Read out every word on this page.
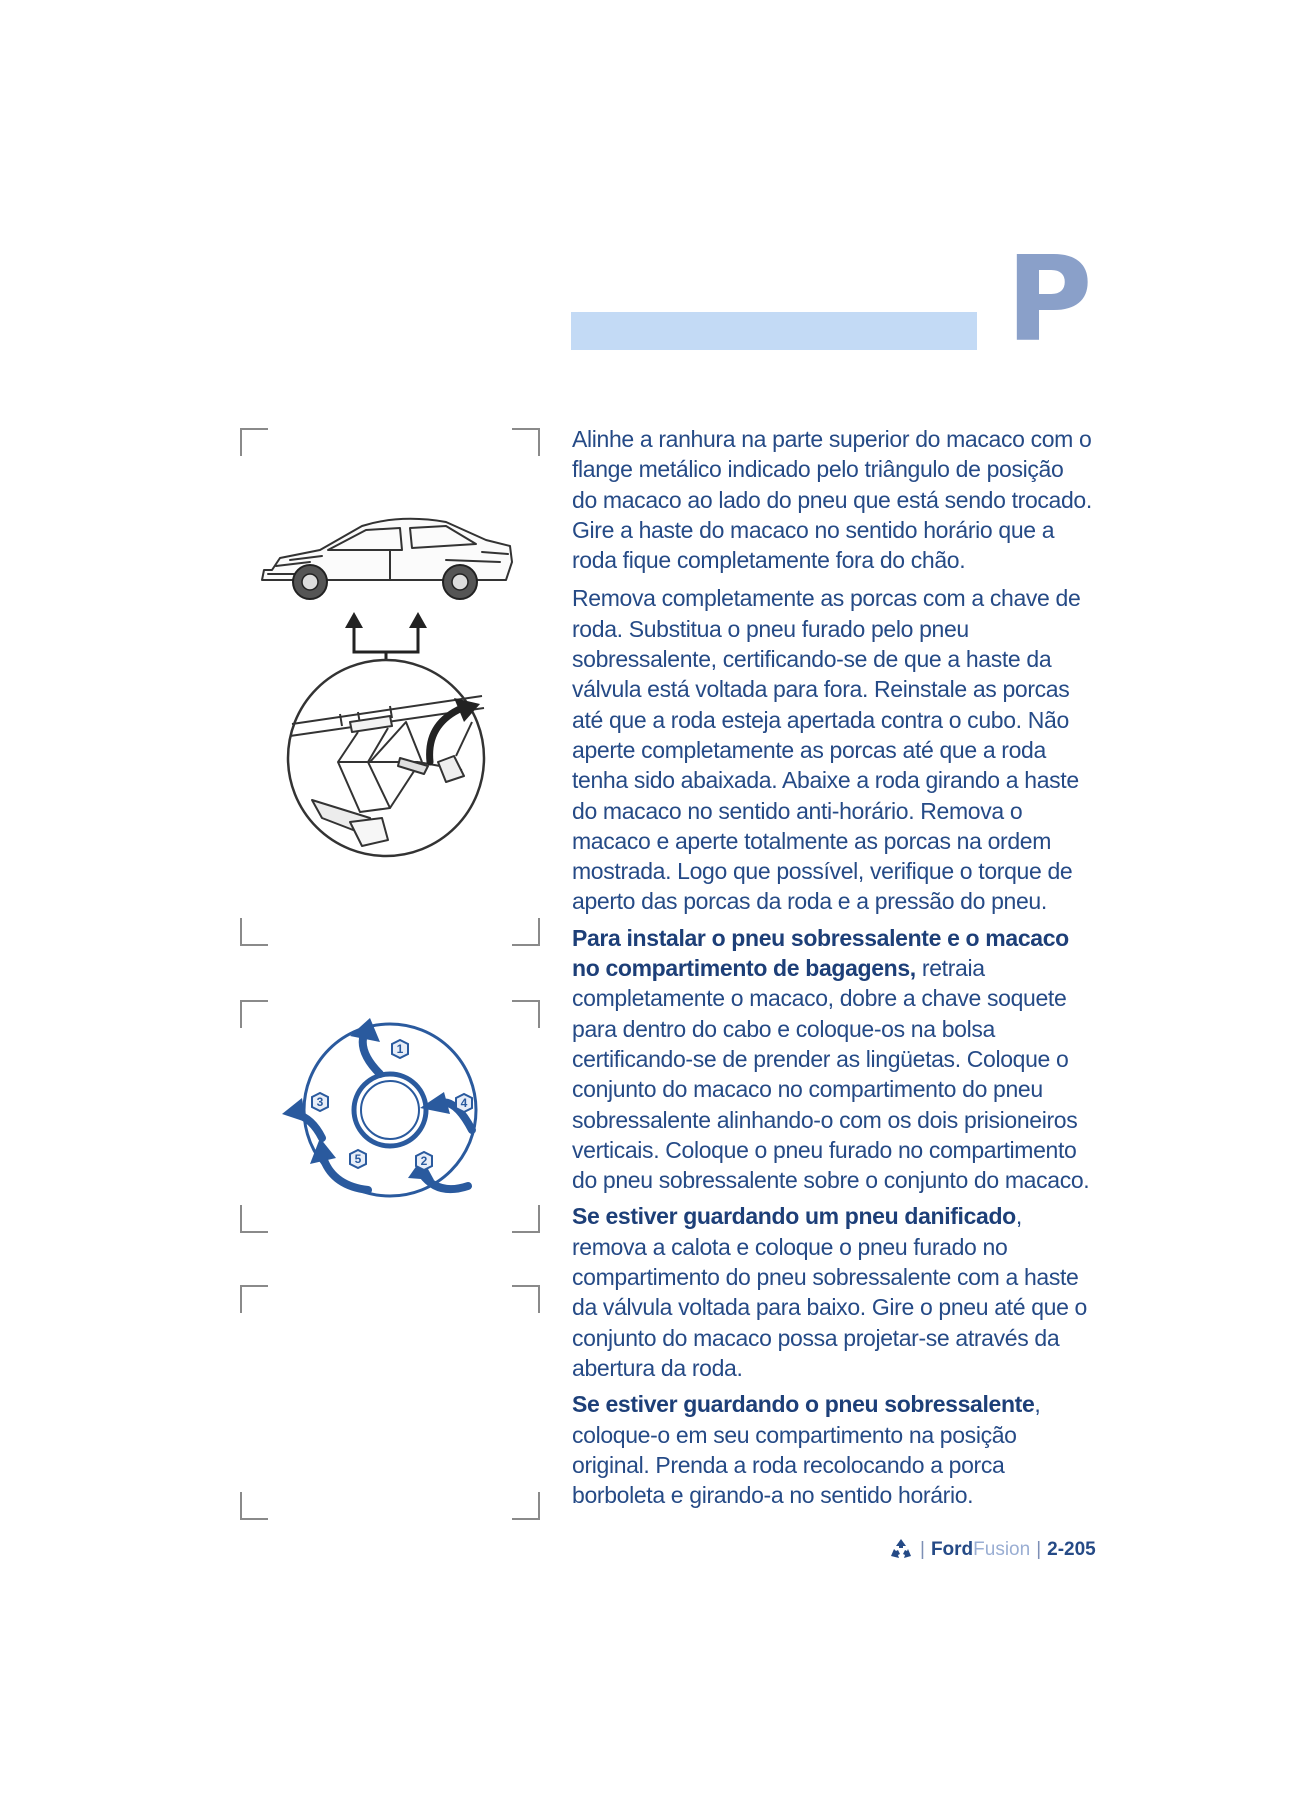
P
1
2
3	4
5

Alinhe a ranhura na parte superior do macaco com o flange metálico indicado pelo triângulo de posição do macaco ao lado do pneu que está sendo trocado. Gire a haste do macaco no sentido horário que a roda fique completamente fora do chão.

Remova completamente as porcas com a chave de roda. Substitua o pneu furado pelo pneu sobressalente, certificando-se de que a haste da válvula está voltada para fora. Reinstale as porcas até que a roda esteja apertada contra o cubo. Não aperte completamente as porcas até que a roda tenha sido abaixada. Abaixe a roda girando a haste do macaco no sentido anti-horário. Remova o macaco e aperte totalmente as porcas na ordem mostrada. Logo que possível, verifique o torque de aperto das porcas da roda e a pressão do pneu.

Para instalar o pneu sobressalente e o macaco no compartimento de bagagens, retraia completamente o macaco, dobre a chave soquete para dentro do cabo e coloque-os na bolsa certificando-se de prender as lingüetas. Coloque o conjunto do macaco no compartimento do pneu sobressalente alinhando-o com os dois prisioneiros verticais. Coloque o pneu furado no compartimento do pneu sobressalente sobre o conjunto do macaco.

Se estiver guardando um pneu danificado, remova a calota e coloque o pneu furado no compartimento do pneu sobressalente com a haste da válvula voltada para baixo. Gire o pneu até que o conjunto do macaco possa projetar-se através da abertura da roda.

Se estiver guardando o pneu sobressalente, coloque-o em seu compartimento na posição original. Prenda a roda recolocando a porca borboleta e girando-a no sentido horário.

| Ford Fusion | 2-205
